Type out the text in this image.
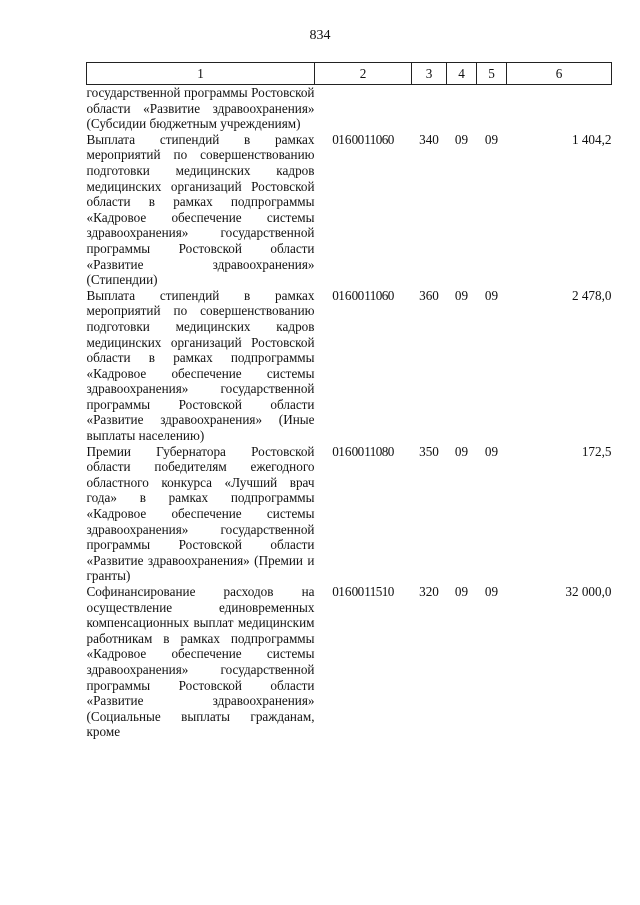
834
1	2	3	4	5	6
государственной программы Ростовской области «Развитие здравоохранения» (Субсидии бюджетным учреждениям)					
Выплата стипендий в рамках мероприятий по совершенствованию подготовки медицинских кадров медицинских организаций Ростовской области в рамках подпрограммы «Кадровое обеспечение системы здравоохранения» государственной программы Ростовской области «Развитие здравоохранения» (Стипендии)	01 6 00 11060	340	09	09	1 404,2
Выплата стипендий в рамках мероприятий по совершенствованию подготовки медицинских кадров медицинских организаций Ростовской области в рамках подпрограммы «Кадровое обеспечение системы здравоохранения» государственной программы Ростовской области «Развитие здравоохранения» (Иные выплаты населению)	01 6 00 11060	360	09	09	2 478,0
Премии Губернатора Ростовской области победителям ежегодного областного конкурса «Лучший врач года» в рамках подпрограммы «Кадровое обеспечение системы здравоохранения» государственной программы Ростовской области «Развитие здравоохранения» (Премии и гранты)	01 6 00 11080	350	09	09	172,5
Софинансирование расходов на осуществление единовременных компенсационных выплат медицинским работникам в рамках подпрограммы «Кадровое обеспечение системы здравоохранения» государственной программы Ростовской области «Развитие здравоохранения» (Социальные выплаты гражданам, кроме	01 6 00 11510	320	09	09	32 000,0
